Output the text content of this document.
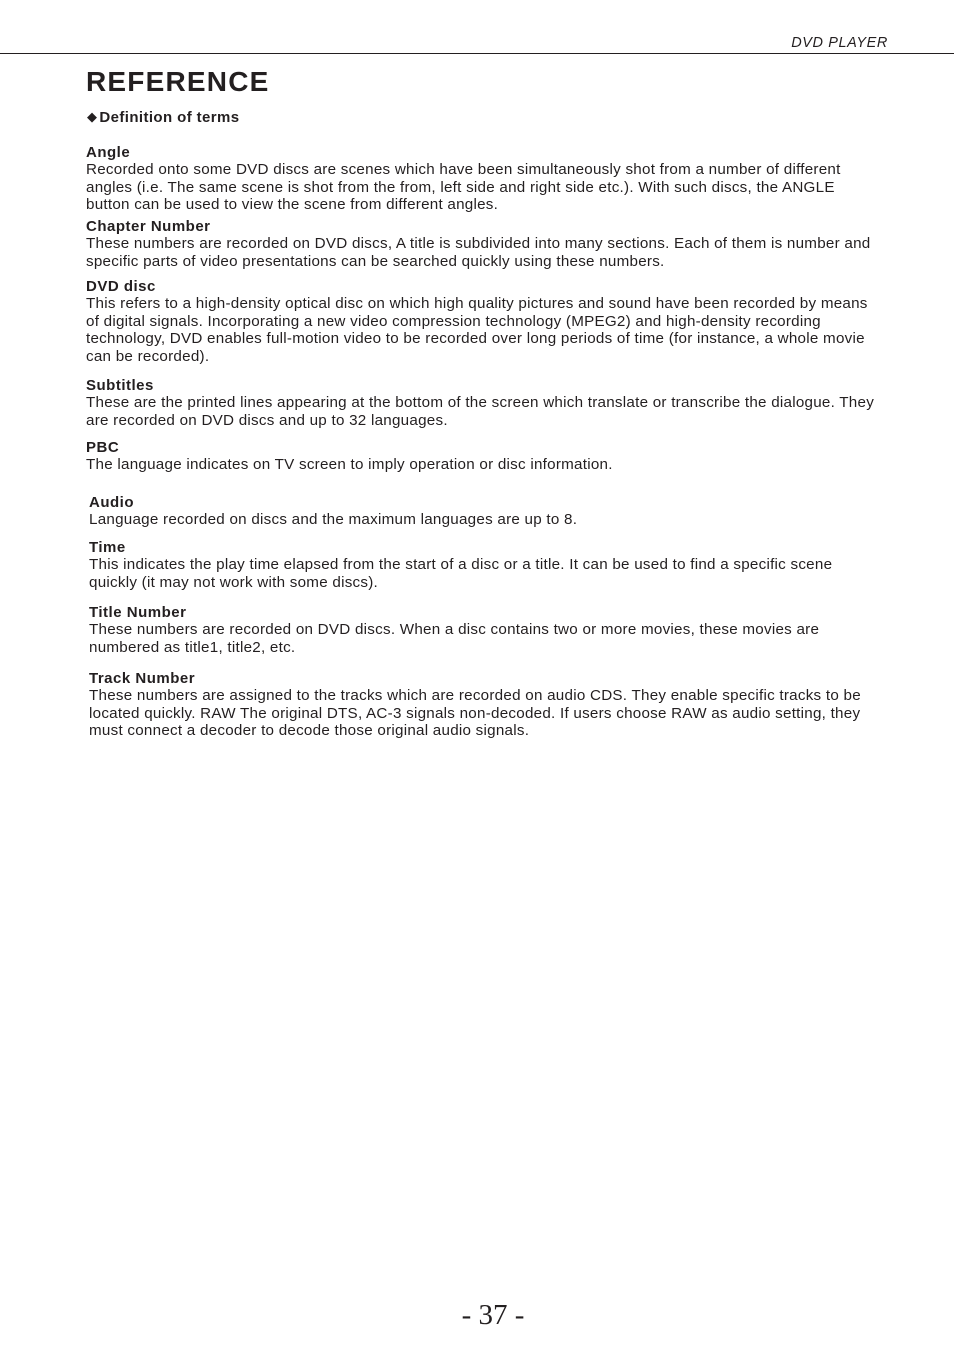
DVD PLAYER
REFERENCE
◆ Definition of terms
Angle
Recorded onto some DVD discs are scenes which have been simultaneously shot from a number of different angles (i.e. The same scene is shot from the from, left side and right side etc.). With such discs, the ANGLE button can be used to view the scene from different angles.
Chapter Number
These numbers are recorded on DVD discs, A title is subdivided into many sections. Each of them is number and specific parts of video presentations can be searched quickly using these numbers.
DVD disc
This refers to a high-density optical disc on which high quality pictures and sound have been recorded by means of digital signals. Incorporating a new video compression technology (MPEG2) and high-density recording technology, DVD enables full-motion video to be recorded over long periods of time (for instance, a whole movie can be recorded).
Subtitles
These are the printed lines appearing at the bottom of the screen which translate or transcribe the dialogue. They are recorded on DVD discs and up to 32 languages.
PBC
The language indicates on TV screen to imply operation or disc information.
Audio
Language recorded on discs and the maximum languages are up to 8.
Time
This indicates the play time elapsed from the start of a disc or a title. It can be used to find a specific scene quickly (it may not work with some discs).
Title Number
These numbers are recorded on DVD discs. When a disc contains two or more movies, these movies are numbered as title1, title2, etc.
Track Number
These numbers are assigned to the tracks which are recorded on audio CDS. They enable specific tracks to be located quickly. RAW The original DTS, AC-3 signals non-decoded. If users choose RAW as audio setting, they must connect a decoder to decode those original audio signals.
- 37 -
